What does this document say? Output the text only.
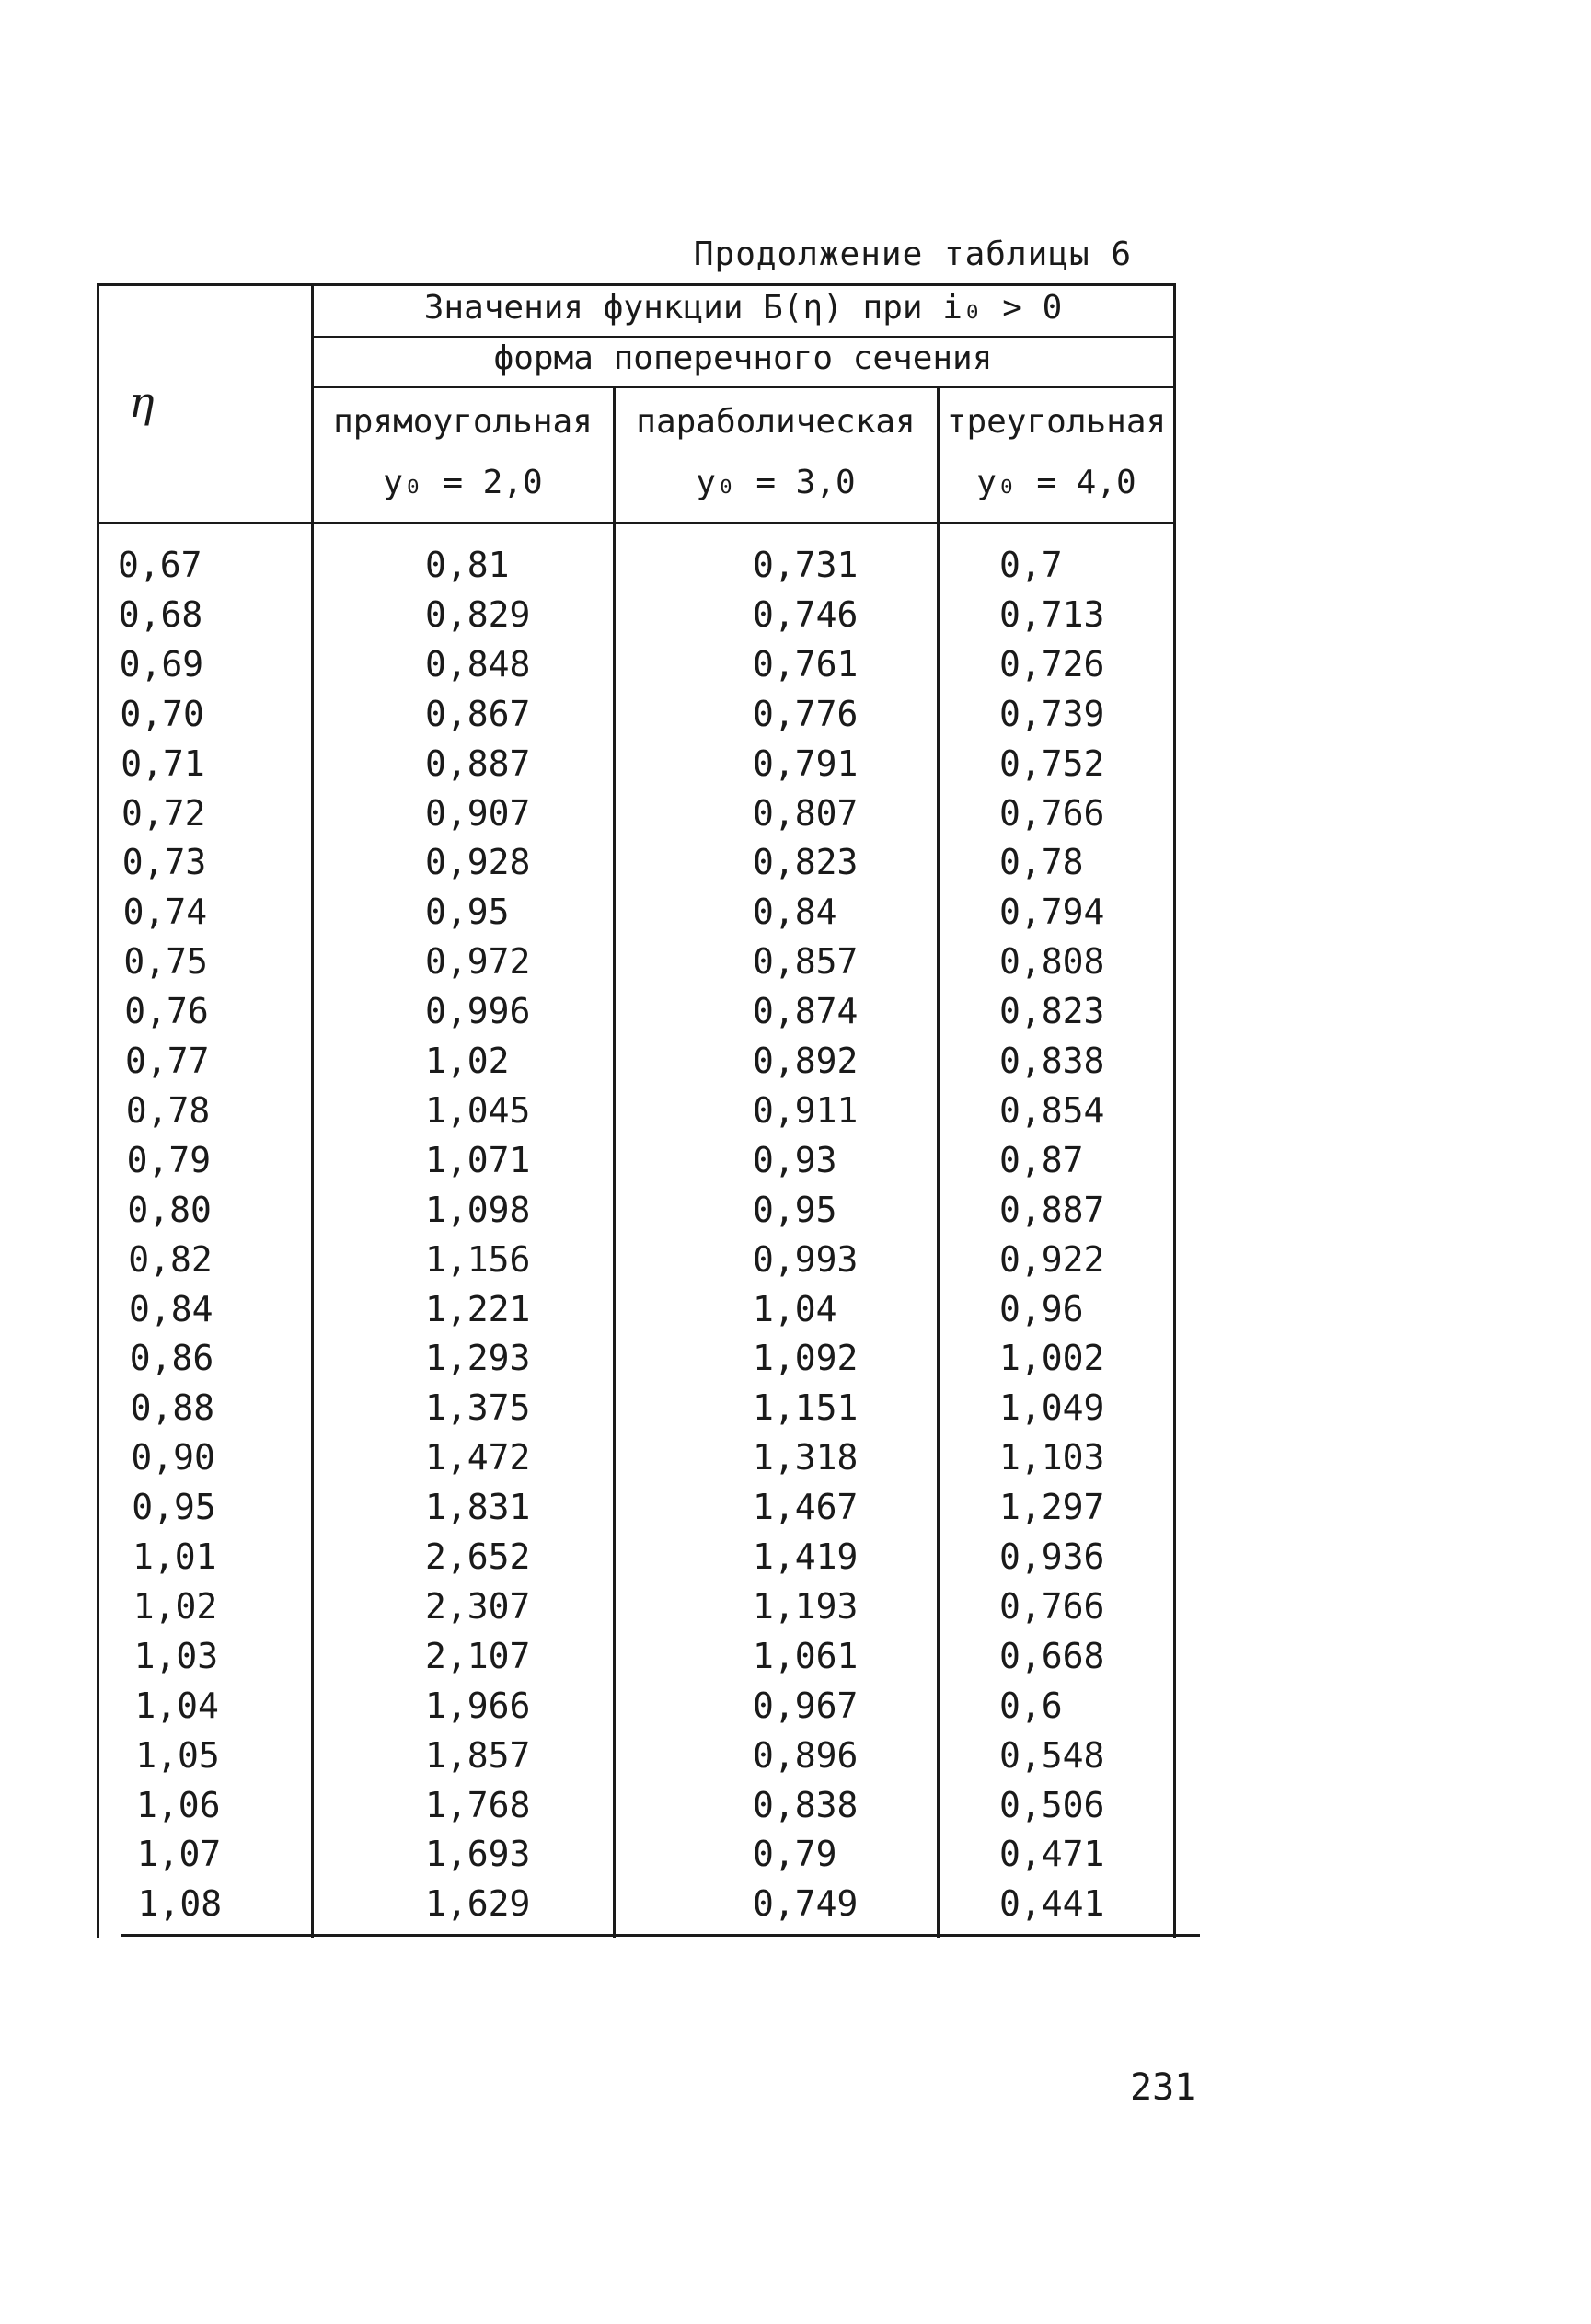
Продолжение таблицы 6
η
Значения функции Б(η) при i₀ > 0
форма поперечного сечения
прямоугольная
y₀ = 2,0
параболическая
y₀ = 3,0
треугольная
y₀ = 4,0
0,67	0,81	0,731	0,7
0,68	0,829	0,746	0,713
0,69	0,848	0,761	0,726
0,70	0,867	0,776	0,739
0,71	0,887	0,791	0,752
0,72	0,907	0,807	0,766
0,73	0,928	0,823	0,78
0,74	0,95	0,84	0,794
0,75	0,972	0,857	0,808
0,76	0,996	0,874	0,823
0,77	1,02	0,892	0,838
0,78	1,045	0,911	0,854
0,79	1,071	0,93	0,87
0,80	1,098	0,95	0,887
0,82	1,156	0,993	0,922
0,84	1,221	1,04	0,96
0,86	1,293	1,092	1,002
0,88	1,375	1,151	1,049
0,90	1,472	1,318	1,103
0,95	1,831	1,467	1,297
1,01	2,652	1,419	0,936
1,02	2,307	1,193	0,766
1,03	2,107	1,061	0,668
1,04	1,966	0,967	0,6
1,05	1,857	0,896	0,548
1,06	1,768	0,838	0,506
1,07	1,693	0,79	0,471
1,08	1,629	0,749	0,441
231
